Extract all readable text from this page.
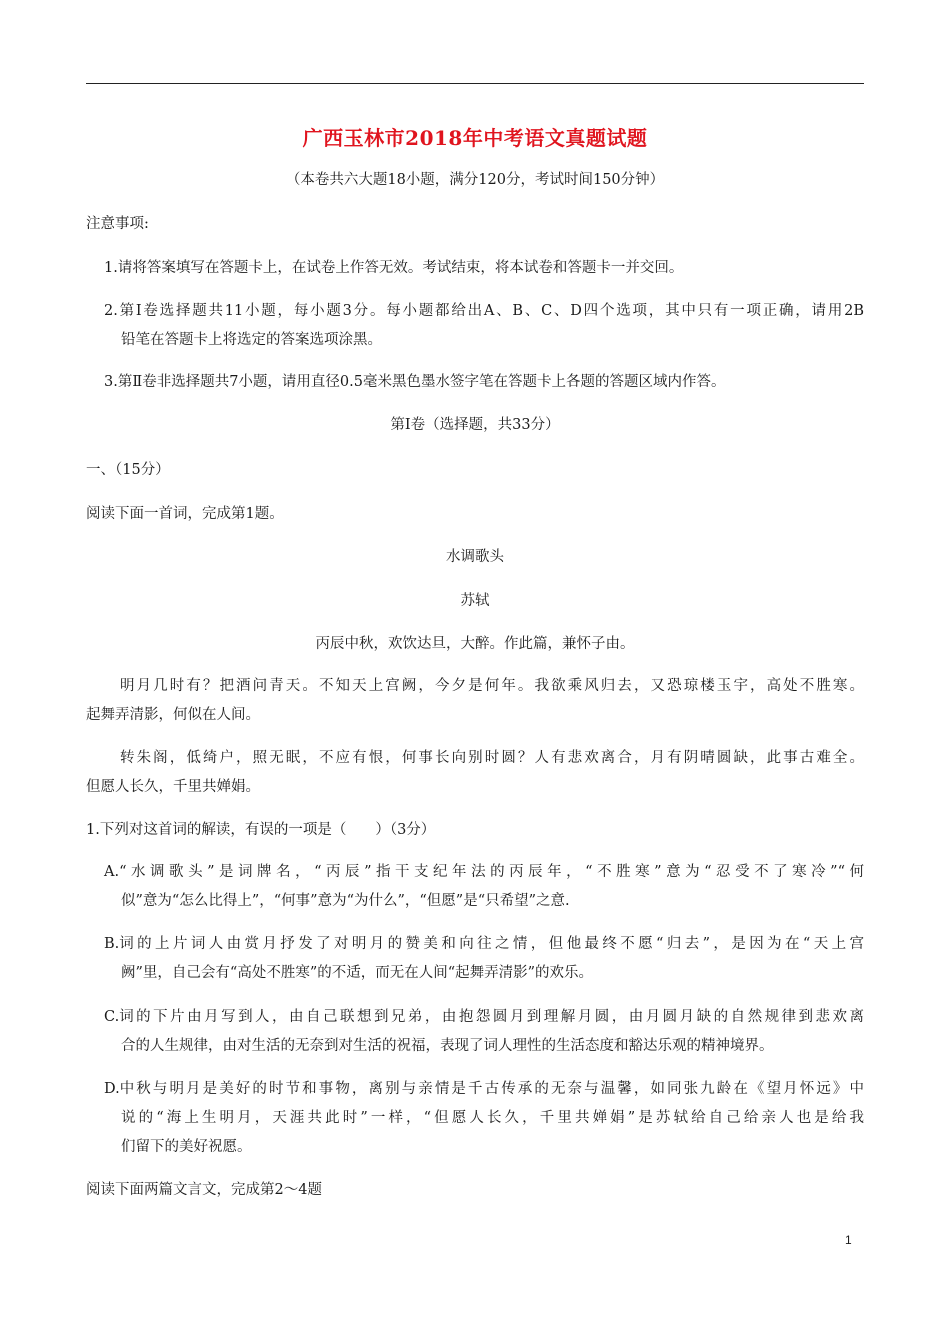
广西玉林市2018年中考语文真题试题
（本卷共六大题18小题，满分120分，考试时间150分钟）
注意事项:
1.请将答案填写在答题卡上，在试卷上作答无效。考试结束，将本试卷和答题卡一并交回。
2.第Ⅰ卷选择题共11小题，每小题3分。每小题都给出A、B、C、D四个选项，其中只有一项正确，请用2B
铅笔在答题卡上将选定的答案选项涂黑。
3.第Ⅱ卷非选择题共7小题，请用直径0.5毫米黑色墨水签字笔在答题卡上各题的答题区域内作答。
第Ⅰ卷（选择题，共33分）
一、（15分）
阅读下面一首词，完成第1题。
水调歌头
苏轼
丙辰中秋，欢饮达旦，大醉。作此篇，兼怀子由。
明月几时有？把酒问青天。不知天上宫阙，今夕是何年。我欲乘风归去，又恐琼楼玉宇，高处不胜寒。
起舞弄清影，何似在人间。
转朱阁，低绮户，照无眠，不应有恨，何事长向别时圆？人有悲欢离合，月有阴晴圆缺，此事古难全。
但愿人长久，千里共婵娟。
1.下列对这首词的解读，有误的一项是（　　）（3分）
A. “水调歌头”是词牌名，“丙辰”指干支纪年法的丙辰年，“不胜寒”意为“忍受不了寒冷”“何
似”意为“怎么比得上”，“何事”意为“为什么”，“但愿”是“只希望”之意.
B. 词的上片词人由赏月抒发了对明月的赞美和向往之情，但他最终不愿“归去”，是因为在“天上宫
阙”里，自己会有“高处不胜寒”的不适，而无在人间“起舞弄清影”的欢乐。
C. 词的下片由月写到人，由自己联想到兄弟，由抱怨圆月到理解月圆，由月圆月缺的自然规律到悲欢离
合的人生规律，由对生活的无奈到对生活的祝福，表现了词人理性的生活态度和豁达乐观的精神境界。
D. 中秋与明月是美好的时节和事物，离别与亲情是千古传承的无奈与温馨，如同张九龄在《望月怀远》中
说的“海上生明月，天涯共此时”一样，“但愿人长久，千里共婵娟”是苏轼给自己给亲人也是给我
们留下的美好祝愿。
阅读下面两篇文言文，完成第2～4题
1
